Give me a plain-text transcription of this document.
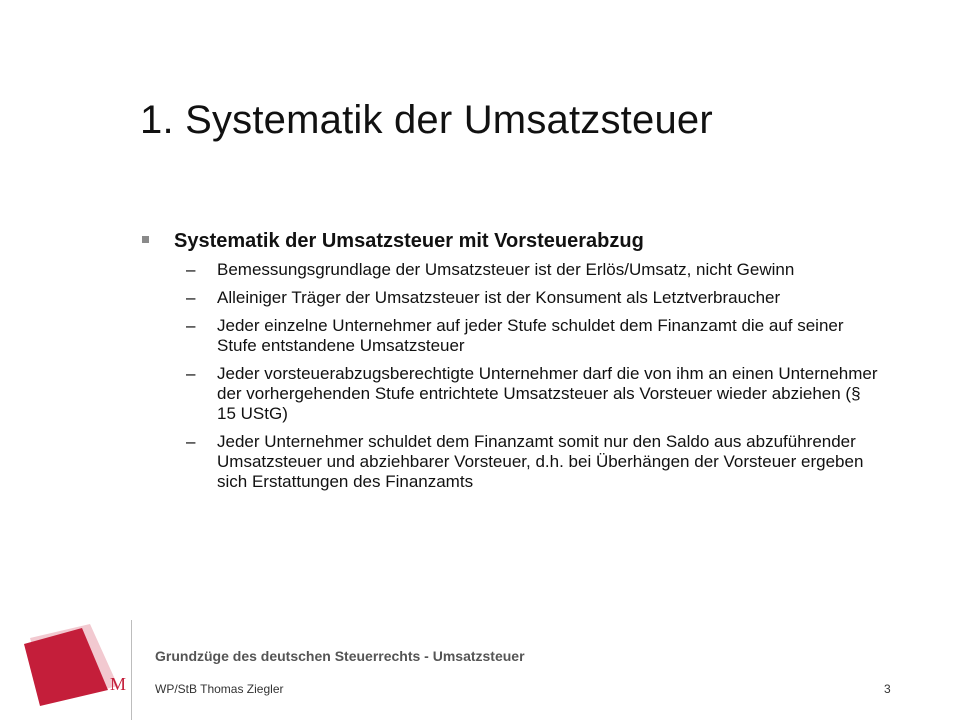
1. Systematik der Umsatzsteuer
Systematik der Umsatzsteuer mit Vorsteuerabzug
– Bemessungsgrundlage der Umsatzsteuer ist der Erlös/Umsatz, nicht Gewinn
– Alleiniger Träger der Umsatzsteuer ist der Konsument als Letztverbraucher
– Jeder einzelne Unternehmer auf jeder Stufe schuldet dem Finanzamt die auf seiner Stufe entstandene Umsatzsteuer
– Jeder vorsteuerabzugsberechtigte Unternehmer darf die von ihm an einen Unternehmer der vorhergehenden Stufe entrichtete Umsatzsteuer als Vorsteuer wieder abziehen (§ 15 UStG)
– Jeder Unternehmer schuldet dem Finanzamt somit nur den Saldo aus abzuführender Umsatzsteuer und abziehbarer Vorsteuer, d.h. bei Überhängen der Vorsteuer ergeben sich Erstattungen des Finanzamts
M
Grundzüge des deutschen Steuerrechts - Umsatzsteuer
WP/StB Thomas Ziegler	3
